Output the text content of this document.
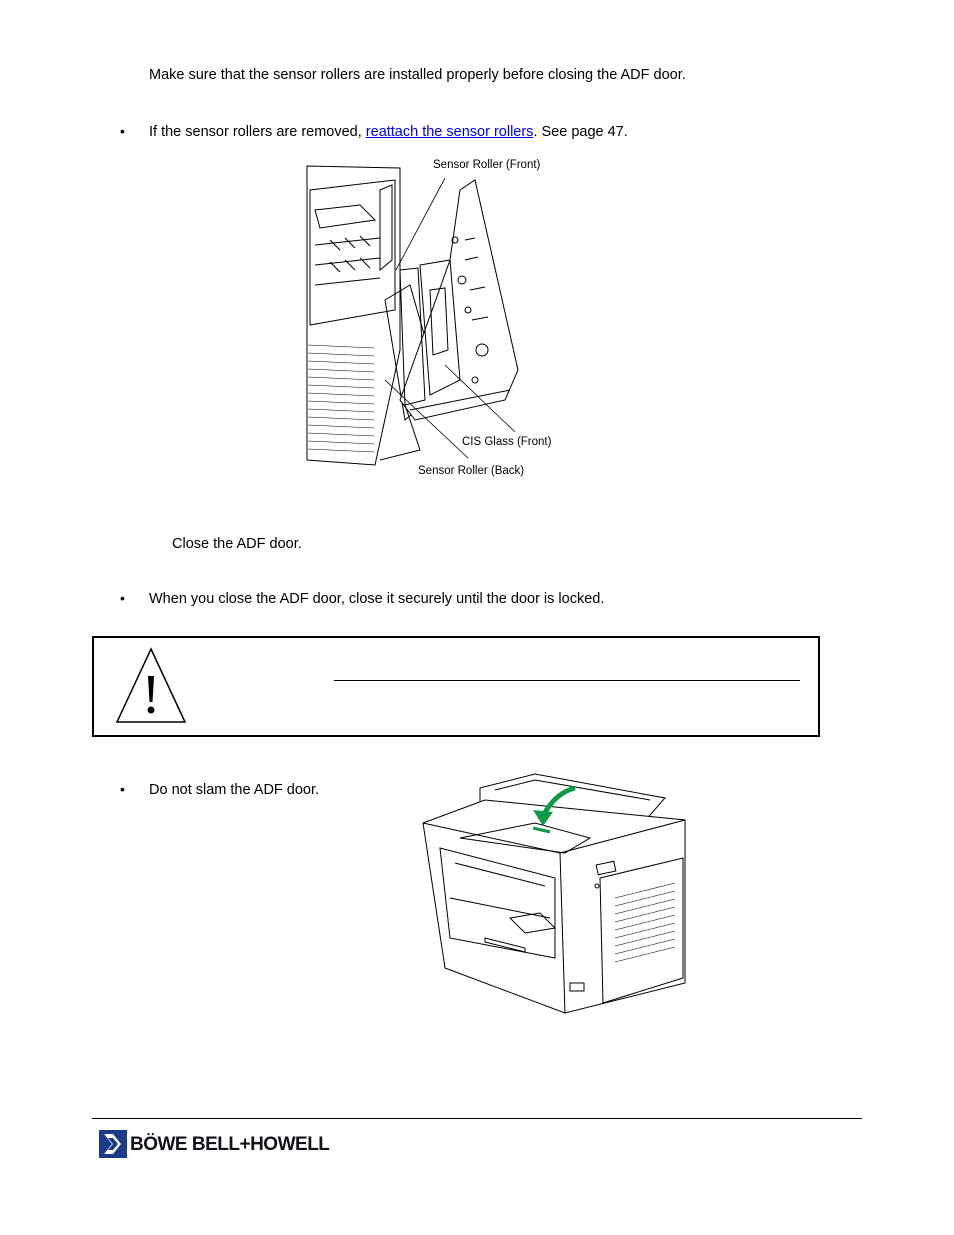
Make sure that the sensor rollers are installed properly before closing the ADF door.
• If the sensor rollers are removed, reattach the sensor rollers. See page 47.
Sensor Roller (Front)
CIS Glass (Front)
Sensor Roller (Back)
Close the ADF door.
• When you close the ADF door, close it securely until the door is locked.
• Do not slam the ADF door.
BÖWE BELL+HOWELL
